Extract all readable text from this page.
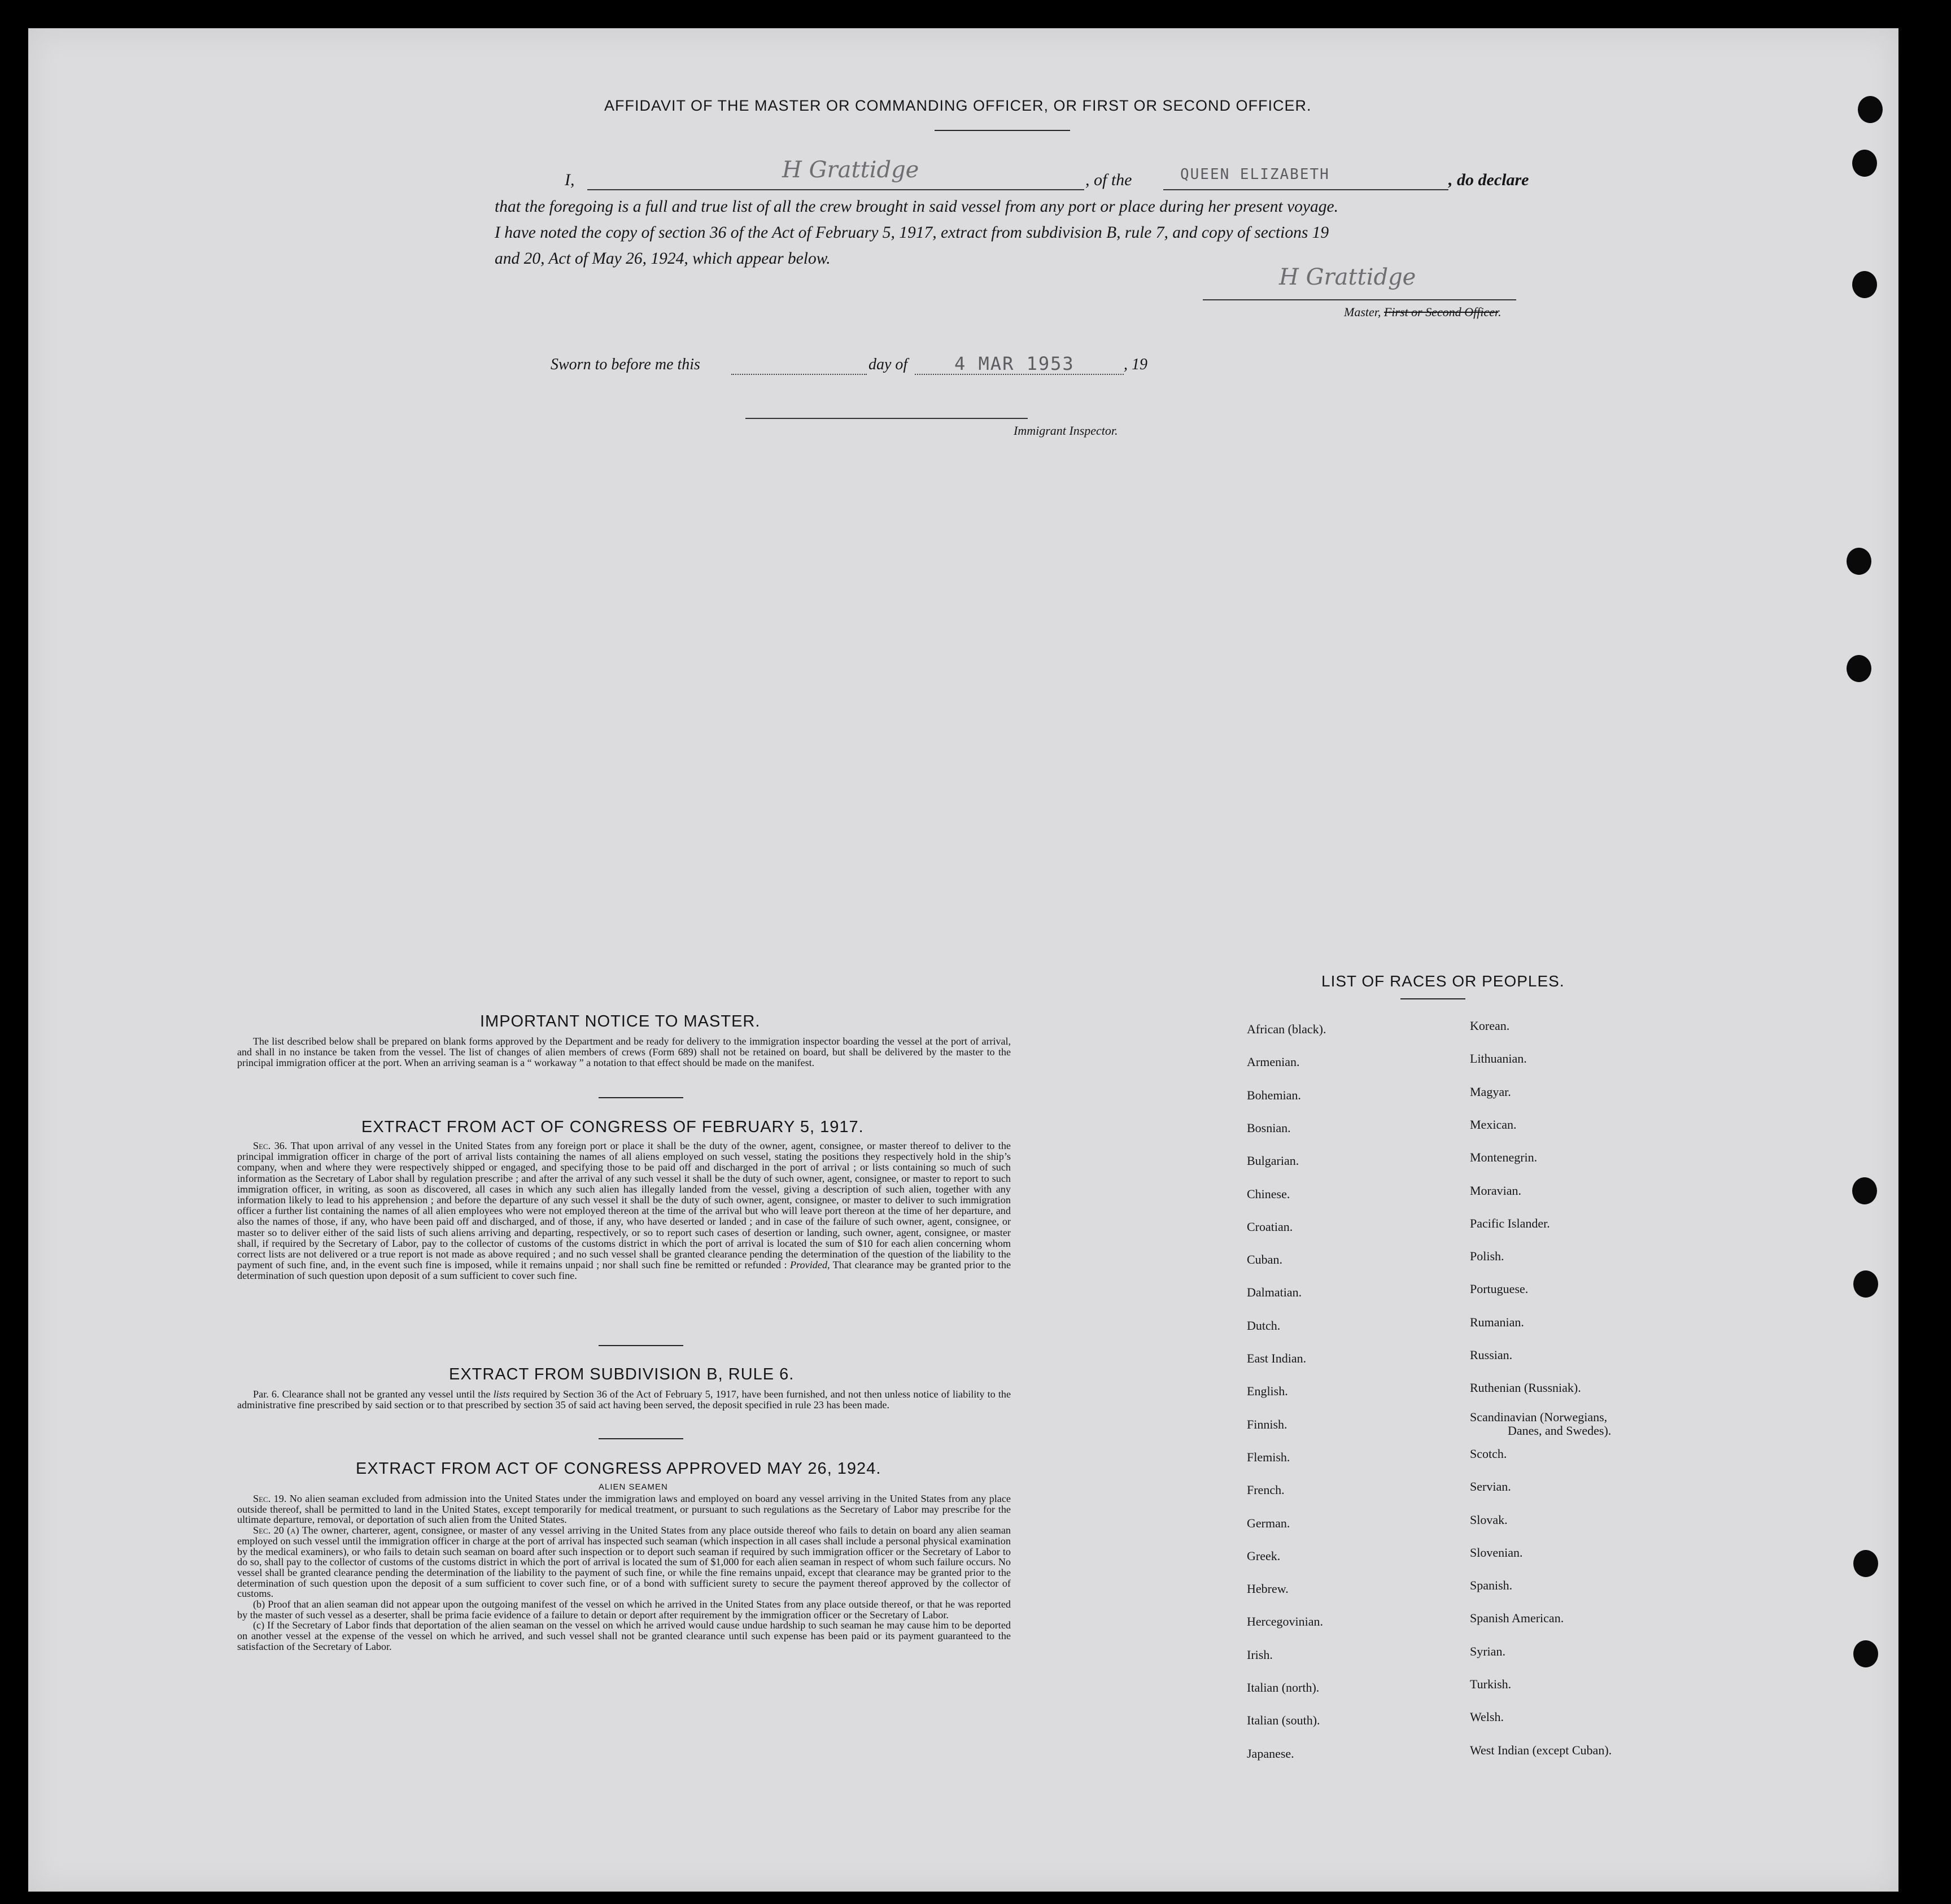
AFFIDAVIT OF THE MASTER OR COMMANDING OFFICER, OR FIRST OR SECOND OFFICER.
I,	H Grattidge	, of the	QUEEN ELIZABETH	, do declare
that the foregoing is a full and true list of all the crew brought in said vessel from any port or place during her present voyage.
I have noted the copy of section 36 of the Act of February 5, 1917, extract from subdivision B, rule 7, and copy of sections 19
and 20, Act of May 26, 1924, which appear below.
H Grattidge
Master, First or Second Officer.
Sworn to before me this	day of	4 MAR 1953	, 19
Immigrant Inspector.
IMPORTANT NOTICE TO MASTER.

The list described below shall be prepared on blank forms approved by the Department and be ready for delivery to the immigration inspector boarding the vessel at the port of arrival, and shall in no instance be taken from the vessel. The list of changes of alien members of crews (Form 689) shall not be retained on board, but shall be delivered by the master to the principal immigration officer at the port. When an arriving seaman is a “ workaway ” a notation to that effect should be made on the manifest.

EXTRACT FROM ACT OF CONGRESS OF FEBRUARY 5, 1917.

Sec. 36. That upon arrival of any vessel in the United States from any foreign port or place it shall be the duty of the owner, agent, consignee, or master thereof to deliver to the principal immigration officer in charge of the port of arrival lists containing the names of all aliens employed on such vessel, stating the positions they respectively hold in the ship’s company, when and where they were respectively shipped or engaged, and specifying those to be paid off and discharged in the port of arrival ; or lists containing so much of such information as the Secretary of Labor shall by regulation prescribe ; and after the arrival of any such vessel it shall be the duty of such owner, agent, consignee, or master to report to such immigration officer, in writing, as soon as discovered, all cases in which any such alien has illegally landed from the vessel, giving a description of such alien, together with any information likely to lead to his apprehension ; and before the departure of any such vessel it shall be the duty of such owner, agent, consignee, or master to deliver to such immigration officer a further list containing the names of all alien employees who were not employed thereon at the time of the arrival but who will leave port thereon at the time of her departure, and also the names of those, if any, who have been paid off and discharged, and of those, if any, who have deserted or landed ; and in case of the failure of such owner, agent, consignee, or master so to deliver either of the said lists of such aliens arriving and departing, respectively, or so to report such cases of desertion or landing, such owner, agent, consignee, or master shall, if required by the Secretary of Labor, pay to the collector of customs of the customs district in which the port of arrival is located the sum of $10 for each alien concerning whom correct lists are not delivered or a true report is not made as above required ; and no such vessel shall be granted clearance pending the determination of the question of the liability to the payment of such fine, and, in the event such fine is imposed, while it remains unpaid ; nor shall such fine be remitted or refunded : Provided, That clearance may be granted prior to the determination of such question upon deposit of a sum sufficient to cover such fine.

EXTRACT FROM SUBDIVISION B, RULE 6.

Par. 6. Clearance shall not be granted any vessel until the lists required by Section 36 of the Act of February 5, 1917, have been furnished, and not then unless notice of liability to the administrative fine prescribed by said section or to that prescribed by section 35 of said act having been served, the deposit specified in rule 23 has been made.

EXTRACT FROM ACT OF CONGRESS APPROVED MAY 26, 1924.
ALIEN SEAMEN

Sec. 19. No alien seaman excluded from admission into the United States under the immigration laws and employed on board any vessel arriving in the United States from any place outside thereof, shall be permitted to land in the United States, except temporarily for medical treatment, or pursuant to such regulations as the Secretary of Labor may prescribe for the ultimate departure, removal, or deportation of such alien from the United States.

Sec. 20 (a) The owner, charterer, agent, consignee, or master of any vessel arriving in the United States from any place outside thereof who fails to detain on board any alien seaman employed on such vessel until the immigration officer in charge at the port of arrival has inspected such seaman (which inspection in all cases shall include a personal physical examination by the medical examiners), or who fails to detain such seaman on board after such inspection or to deport such seaman if required by such immigration officer or the Secretary of Labor to do so, shall pay to the collector of customs of the customs district in which the port of arrival is located the sum of $1,000 for each alien seaman in respect of whom such failure occurs. No vessel shall be granted clearance pending the determination of the liability to the payment of such fine, or while the fine remains unpaid, except that clearance may be granted prior to the determination of such question upon the deposit of a sum sufficient to cover such fine, or of a bond with sufficient surety to secure the payment thereof approved by the collector of customs.

(b) Proof that an alien seaman did not appear upon the outgoing manifest of the vessel on which he arrived in the United States from any place outside thereof, or that he was reported by the master of such vessel as a deserter, shall be prima facie evidence of a failure to detain or deport after requirement by the immigration officer or the Secretary of Labor.

(c) If the Secretary of Labor finds that deportation of the alien seaman on the vessel on which he arrived would cause undue hardship to such seaman he may cause him to be deported on another vessel at the expense of the vessel on which he arrived, and such vessel shall not be granted clearance until such expense has been paid or its payment guaranteed to the satisfaction of the Secretary of Labor.

LIST OF RACES OR PEOPLES.
African (black).
Armenian.
Bohemian.
Bosnian.
Bulgarian.
Chinese.
Croatian.
Cuban.
Dalmatian.
Dutch.
East Indian.
English.
Finnish.
Flemish.
French.
German.
Greek.
Hebrew.
Hercegovinian.
Irish.
Italian (north).
Italian (south).
Japanese.
Korean.
Lithuanian.
Magyar.
Mexican.
Montenegrin.
Moravian.
Pacific Islander.
Polish.
Portuguese.
Rumanian.
Russian.
Ruthenian (Russniak).
Scandinavian (Norwegians,
Danes, and Swedes).
Scotch.
Servian.
Slovak.
Slovenian.
Spanish.
Spanish American.
Syrian.
Turkish.
Welsh.
West Indian (except Cuban).
